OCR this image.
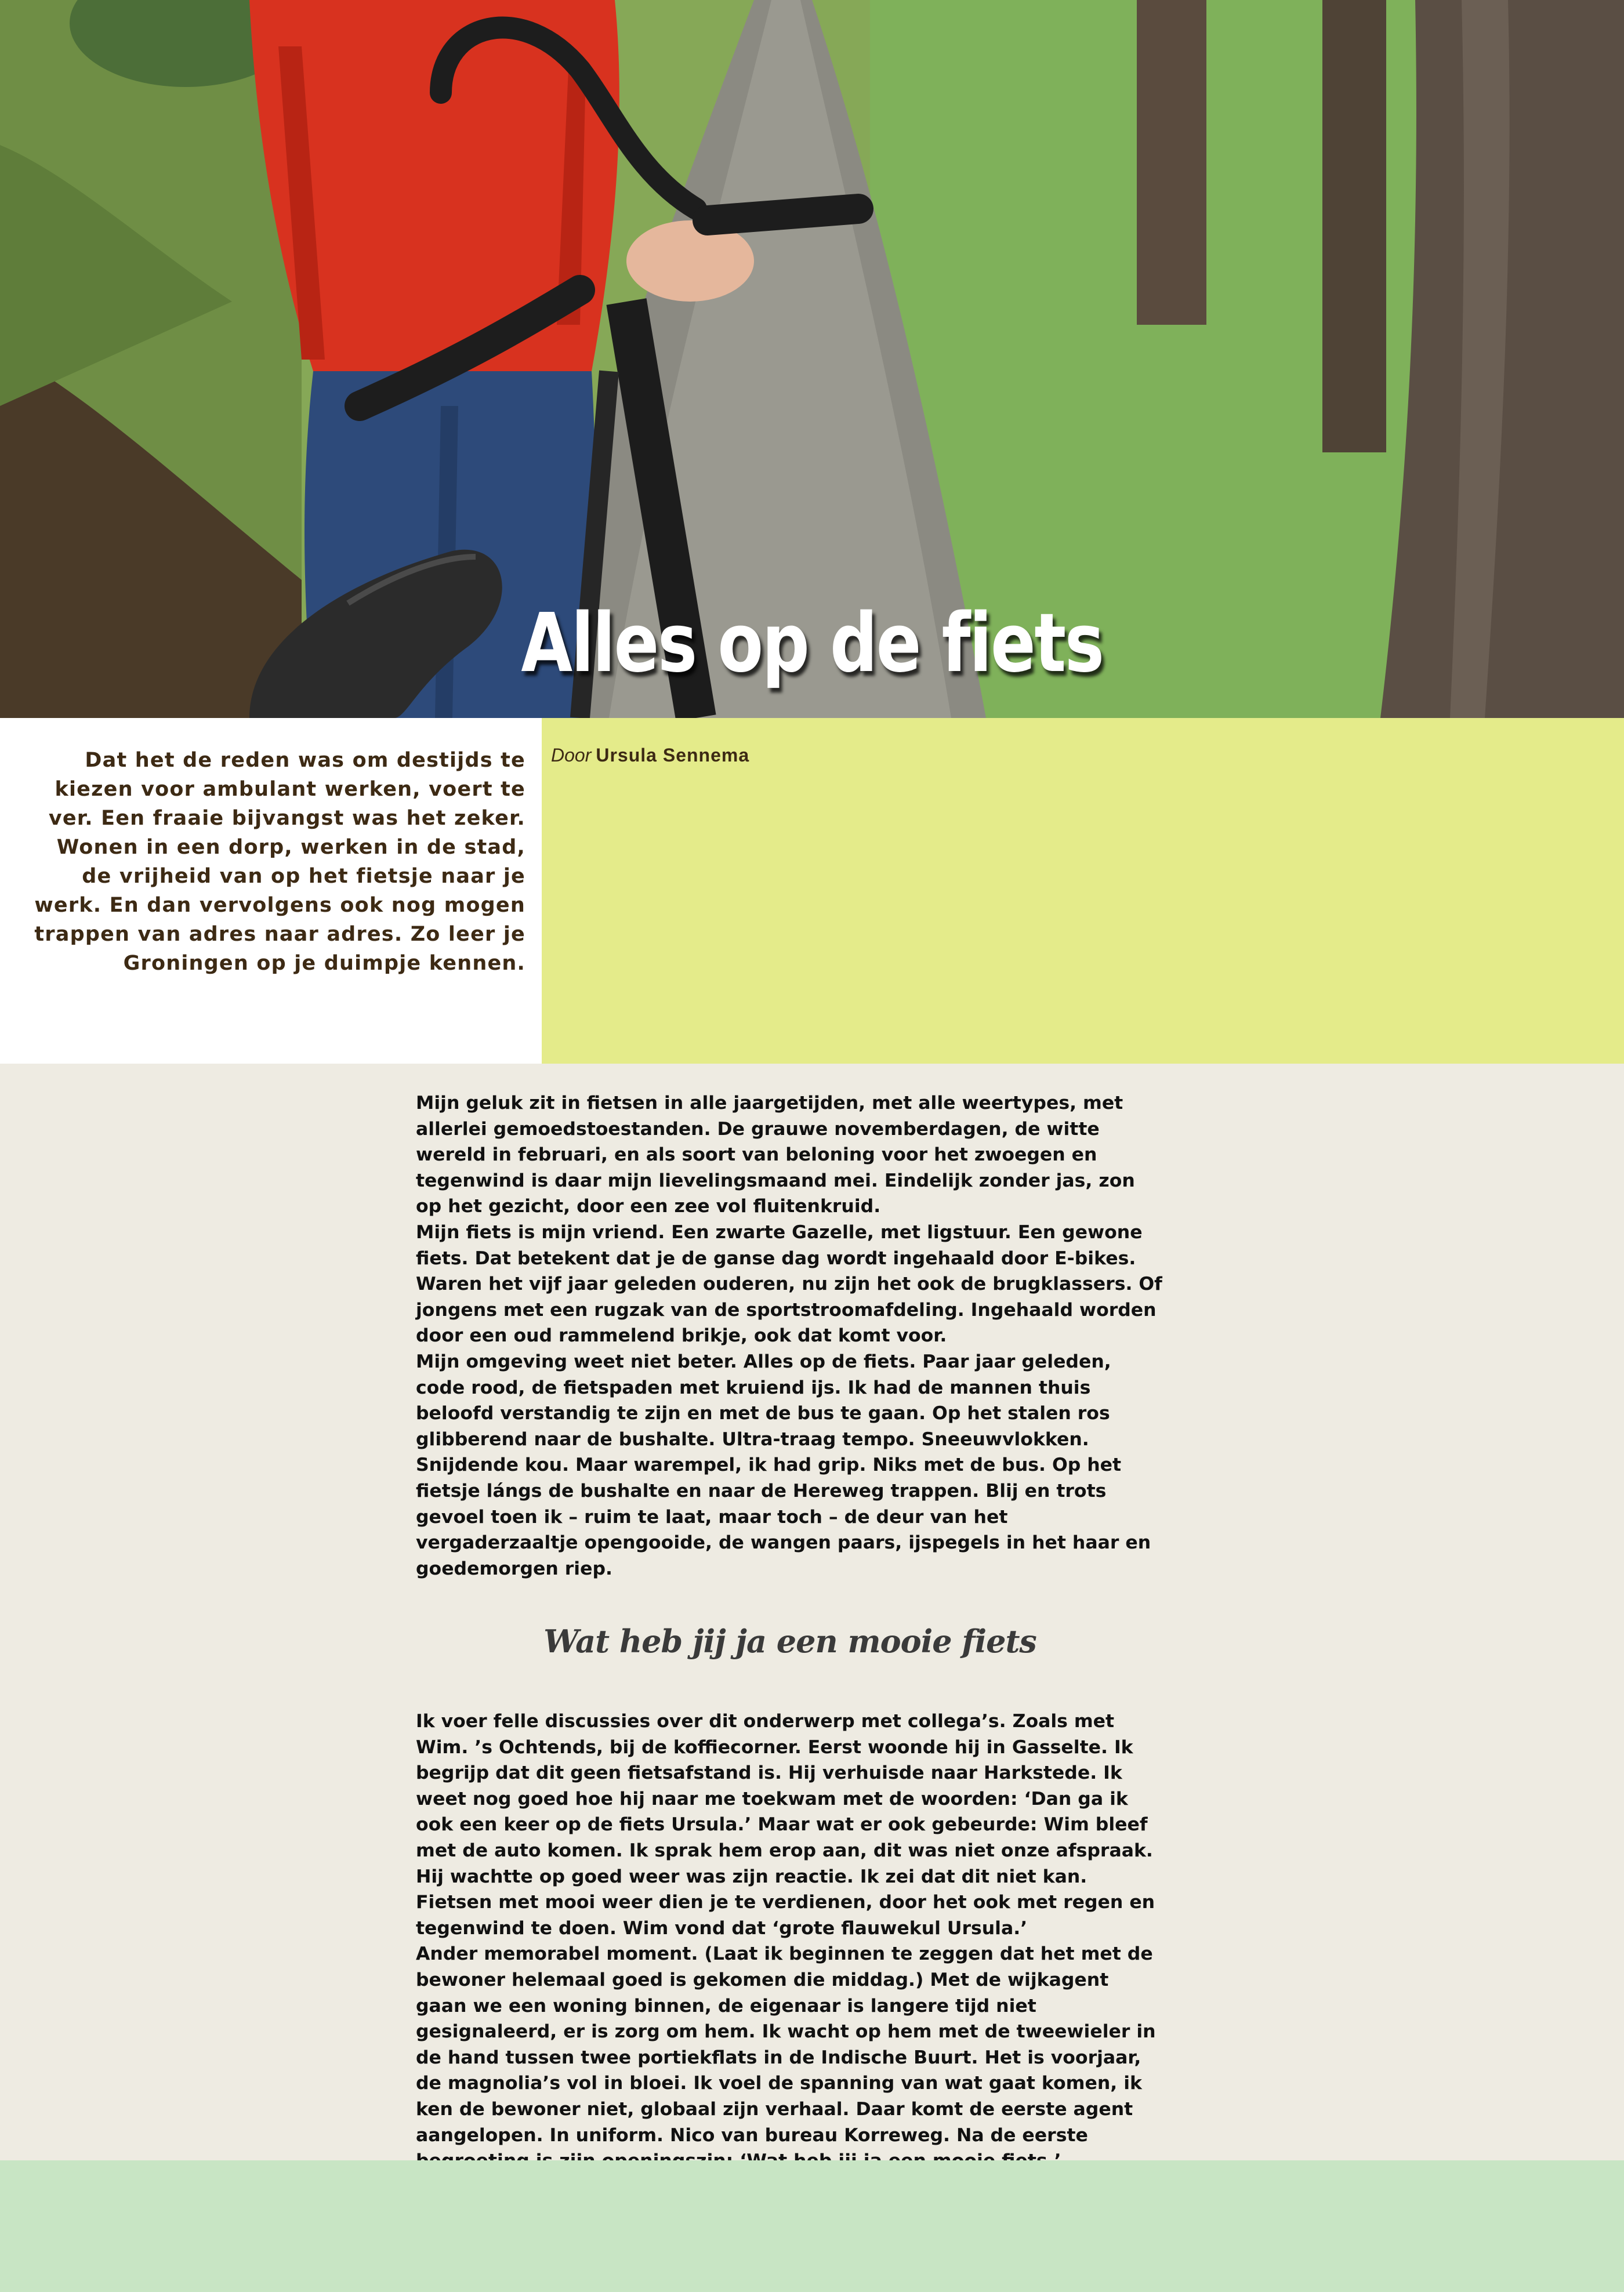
Alles op de fiets

Dat het de reden was om destijds te kiezen voor ambulant werken, voert te ver. Een fraaie bijvangst was het zeker. Wonen in een dorp, werken in de stad, de vrijheid van op het fietsje naar je werk. En dan vervolgens ook nog mogen trappen van adres naar adres. Zo leer je Groningen op je duimpje kennen.

Door Ursula Sennema

Mijn geluk zit in fietsen in alle jaargetijden, met alle weertypes, met allerlei gemoedstoestanden. De grauwe novemberdagen, de witte wereld in februari, en als soort van beloning voor het zwoegen en tegenwind is daar mijn lievelingsmaand mei. Eindelijk zonder jas, zon op het gezicht, door een zee vol fluitenkruid.

Mijn fiets is mijn vriend. Een zwarte Gazelle, met ligstuur. Een gewone fiets. Dat betekent dat je de ganse dag wordt ingehaald door E-bikes. Waren het vijf jaar geleden ouderen, nu zijn het ook de brugklassers. Of jongens met een rugzak van de sportstroomafdeling. Ingehaald worden door een oud rammelend brikje, ook dat komt voor.

Mijn omgeving weet niet beter. Alles op de fiets. Paar jaar geleden, code rood, de fietspaden met kruiend ijs. Ik had de mannen thuis beloofd verstandig te zijn en met de bus te gaan. Op het stalen ros glibberend naar de bushalte. Ultra-traag tempo. Sneeuwvlokken. Snijdende kou. Maar warempel, ik had grip. Niks met de bus. Op het fietsje lángs de bushalte en naar de Hereweg trappen. Blij en trots gevoel toen ik – ruim te laat, maar toch – de deur van het vergaderzaaltje opengooide, de wangen paars, ijspegels in het haar en goedemorgen riep.

Wat heb jij ja een mooie fiets

Ik voer felle discussies over dit onderwerp met collega’s. Zoals met Wim. ’s Ochtends, bij de koffiecorner. Eerst woonde hij in Gasselte. Ik begrijp dat dit geen fietsafstand is. Hij verhuisde naar Harkstede. Ik weet nog goed hoe hij naar me toekwam met de woorden: ‘Dan ga ik ook een keer op de fiets Ursula.’ Maar wat er ook gebeurde: Wim bleef met de auto komen. Ik sprak hem erop aan, dit was niet onze afspraak. Hij wachtte op goed weer was zijn reactie. Ik zei dat dit niet kan. Fietsen met mooi weer dien je te verdienen, door het ook met regen en tegenwind te doen. Wim vond dat ‘grote flauwekul Ursula.’

Ander memorabel moment. (Laat ik beginnen te zeggen dat het met de bewoner helemaal goed is gekomen die middag.) Met de wijkagent gaan we een woning binnen, de eigenaar is langere tijd niet gesignaleerd, er is zorg om hem. Ik wacht op hem met de tweewieler in de hand tussen twee portiekflats in de Indische Buurt. Het is voorjaar, de magnolia’s vol in bloei. Ik voel de spanning van wat gaat komen, ik ken de bewoner niet, globaal zijn verhaal. Daar komt de eerste agent aangelopen. In uniform. Nico van bureau Korreweg. Na de eerste
